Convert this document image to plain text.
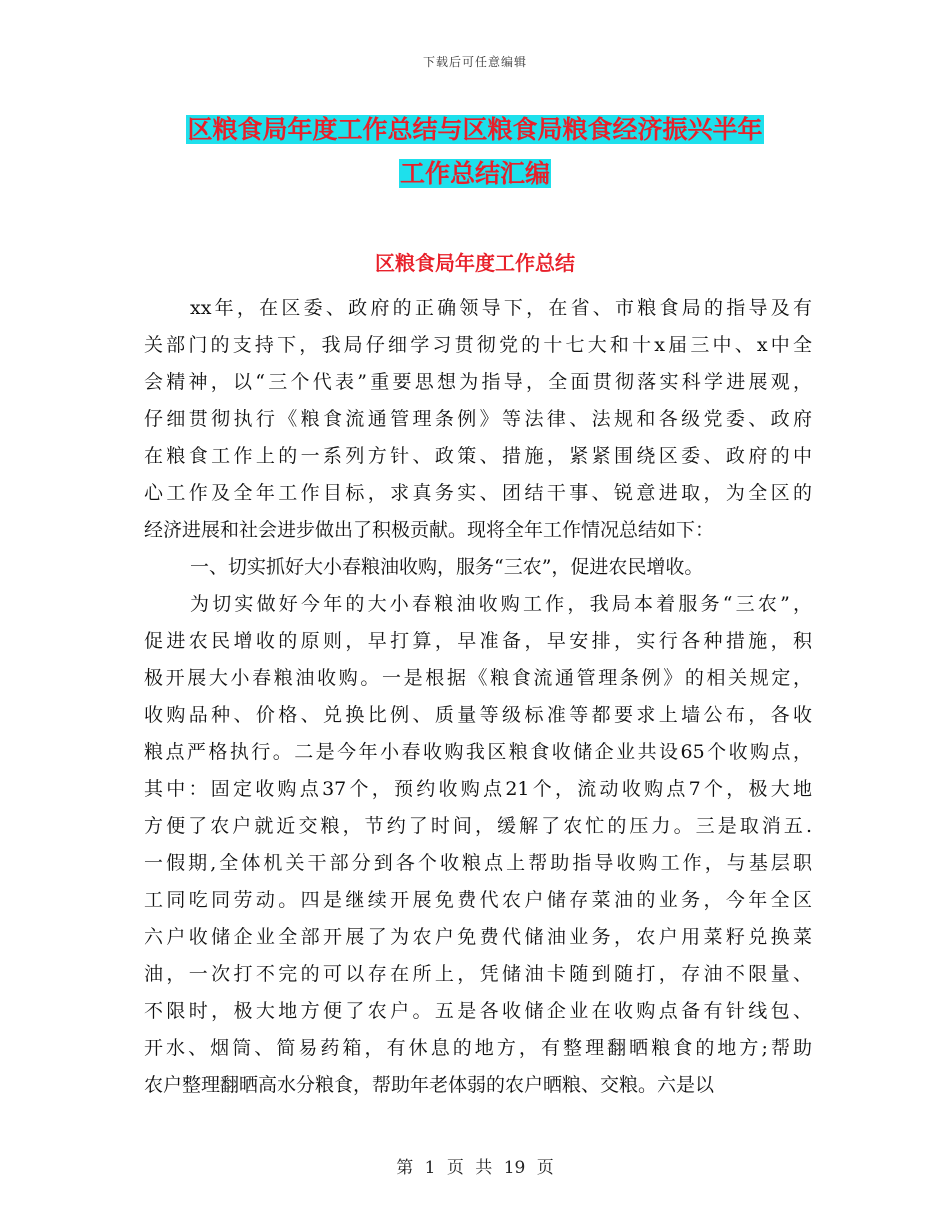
下载后可任意编辑
区粮食局年度工作总结与区粮食局粮食经济振兴半年
工作总结汇编
区粮食局年度工作总结
xx年，在区委、政府的正确领导下，在省、市粮食局的指导及有
关部门的支持下，我局仔细学习贯彻党的十七大和十x届三中、x中全
会精神，以“三个代表”重要思想为指导，全面贯彻落实科学进展观，
仔细贯彻执行《粮食流通管理条例》等法律、法规和各级党委、政府
在粮食工作上的一系列方针、政策、措施，紧紧围绕区委、政府的中
心工作及全年工作目标，求真务实、团结干事、锐意进取，为全区的
经济进展和社会进步做出了积极贡献。现将全年工作情况总结如下：
一、切实抓好大小春粮油收购，服务“三农”，促进农民增收。
为切实做好今年的大小春粮油收购工作，我局本着服务“三农”，
促进农民增收的原则，早打算，早准备，早安排，实行各种措施，积
极开展大小春粮油收购。一是根据《粮食流通管理条例》的相关规定，
收购品种、价格、兑换比例、质量等级标准等都要求上墙公布，各收
粮点严格执行。二是今年小春收购我区粮食收储企业共设65个收购点，
其中：固定收购点37个，预约收购点21个，流动收购点7个，极大地
方便了农户就近交粮，节约了时间，缓解了农忙的压力。三是取消五.
一假期,全体机关干部分到各个收粮点上帮助指导收购工作，与基层职
工同吃同劳动。四是继续开展免费代农户储存菜油的业务，今年全区
六户收储企业全部开展了为农户免费代储油业务，农户用菜籽兑换菜
油，一次打不完的可以存在所上，凭储油卡随到随打，存油不限量、
不限时，极大地方便了农户。五是各收储企业在收购点备有针线包、
开水、烟筒、简易药箱，有休息的地方，有整理翻晒粮食的地方;帮助
农户整理翻晒高水分粮食，帮助年老体弱的农户晒粮、交粮。六是以
第 1 页 共 19 页
